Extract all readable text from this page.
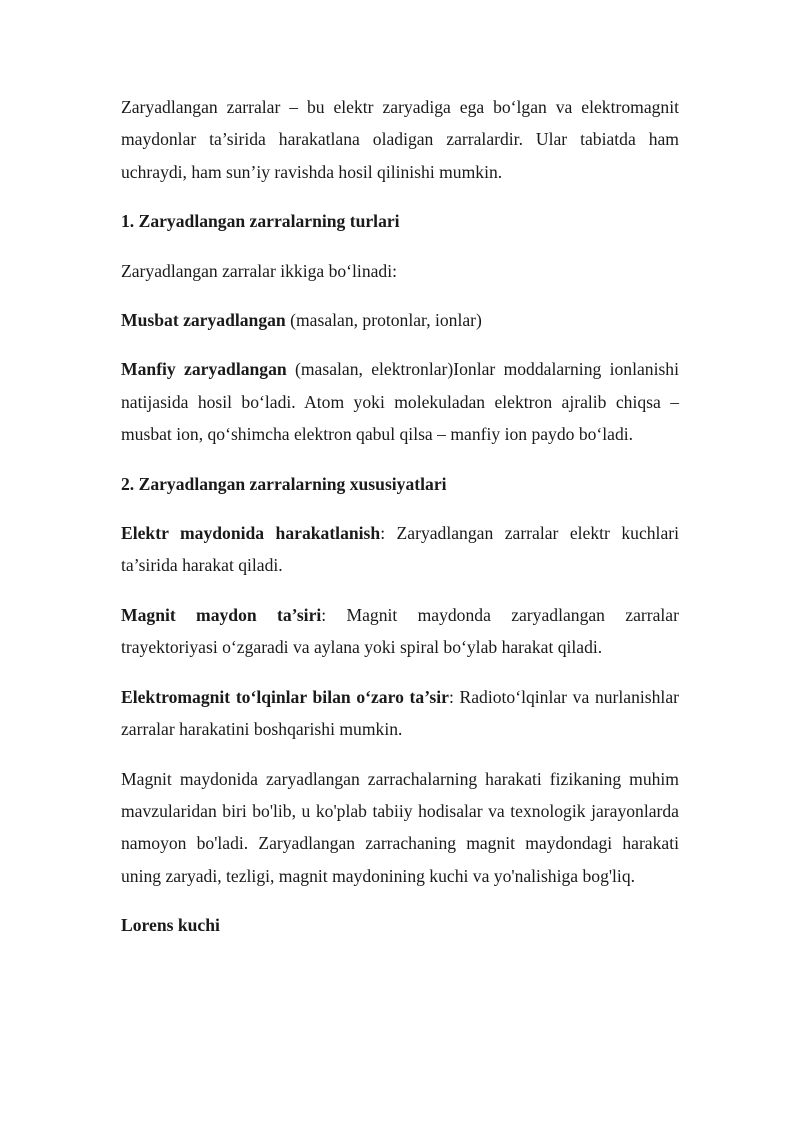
Zaryadlangan zarralar – bu elektr zaryadiga ega bo‘lgan va elektromagnit maydonlar ta’sirida harakatlana oladigan zarralardir. Ular tabiatda ham uchraydi, ham sun’iy ravishda hosil qilinishi mumkin.

1. Zaryadlangan zarralarning turlari

Zaryadlangan zarralar ikkiga bo‘linadi:

Musbat zaryadlangan (masalan, protonlar, ionlar)

Manfiy zaryadlangan (masalan, elektronlar)Ionlar moddalarning ionlanishi natijasida hosil bo‘ladi. Atom yoki molekuladan elektron ajralib chiqsa – musbat ion, qo‘shimcha elektron qabul qilsa – manfiy ion paydo bo‘ladi.

2. Zaryadlangan zarralarning xususiyatlari

Elektr maydonida harakatlanish: Zaryadlangan zarralar elektr kuchlari ta’sirida harakat qiladi.

Magnit maydon ta’siri: Magnit maydonda zaryadlangan zarralar trayektoriyasi o‘zgaradi va aylana yoki spiral bo‘ylab harakat qiladi.

Elektromagnit to‘lqinlar bilan o‘zaro ta’sir: Radioto‘lqinlar va nurlanishlar zarralar harakatini boshqarishi mumkin.

Magnit maydonida zaryadlangan zarrachalarning harakati fizikaning muhim mavzularidan biri bo'lib, u ko'plab tabiiy hodisalar va texnologik jarayonlarda namoyon bo'ladi. Zaryadlangan zarrachaning magnit maydondagi harakati uning zaryadi, tezligi, magnit maydonining kuchi va yo'nalishiga bog'liq.

Lorens kuchi
